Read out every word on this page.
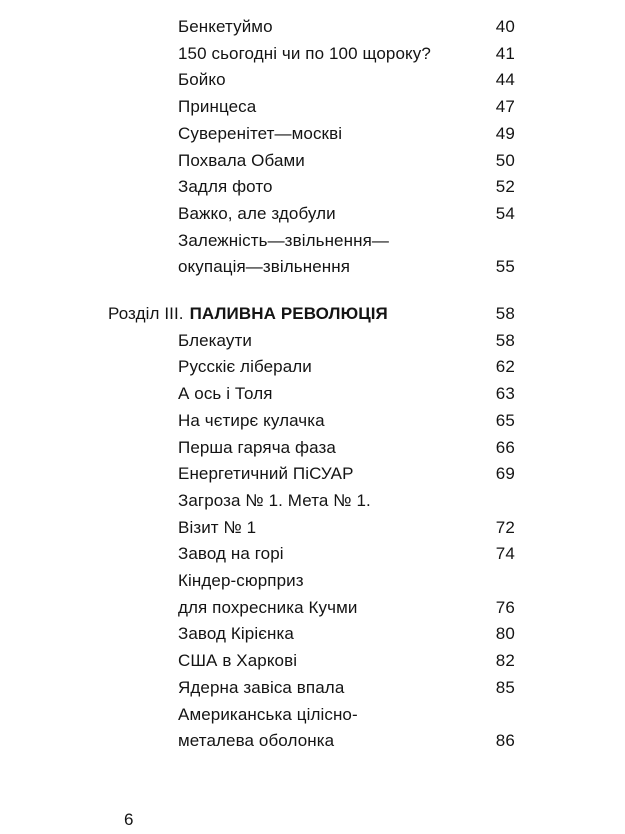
Бенкетуймо	40
150 сьогодні чи по 100 щороку?	41
Бойко	44
Принцеса	47
Суверенітет—москві	49
Похвала Обами	50
Задля фото	52
Важко, але здобули	54
Залежність—звільнення—
окупація—звільнення	55
Розділ III. ПАЛИВНА РЕВОЛЮЦІЯ	58
Блекаути	58
Русскіє ліберали	62
А ось і Толя	63
На чєтирє кулачка	65
Перша гаряча фаза	66
Енергетичний ПіСУАР	69
Загроза № 1. Мета № 1.
Візит № 1	72
Завод на горі	74
Кіндер-сюрприз
для похресника Кучми	76
Завод Кірієнка	80
США в Харкові	82
Ядерна завіса впала	85
Американська цілісно-
металева оболонка	86
6
